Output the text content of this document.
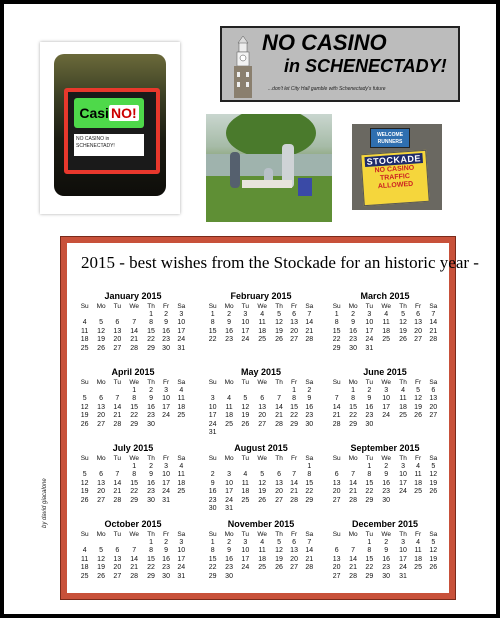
Casi NO!
NO CASINO in SCHENECTADY!
NO CASINO
in SCHENECTADY!
...don't let City Hall gamble with Schenectady's future
WELCOME RUNNERS
STOCKADE
NO CASINO TRAFFIC ALLOWED
2015 - best wishes from the Stockade for an historic year -
January 2015
Su	Mo	Tu	We	Th	Fr	Sa
				1	2	3
4	5	6	7	8	9	10
11	12	13	14	15	16	17
18	19	20	21	22	23	24
25	26	27	28	29	30	31
February 2015
Su	Mo	Tu	We	Th	Fr	Sa
1	2	3	4	5	6	7
8	9	10	11	12	13	14
15	16	17	18	19	20	21
22	23	24	25	26	27	28
March 2015
Su	Mo	Tu	We	Th	Fr	Sa
1	2	3	4	5	6	7
8	9	10	11	12	13	14
15	16	17	18	19	20	21
22	23	24	25	26	27	28
29	30	31				
April 2015
Su	Mo	Tu	We	Th	Fr	Sa
			1	2	3	4
5	6	7	8	9	10	11
12	13	14	15	16	17	18
19	20	21	22	23	24	25
26	27	28	29	30		
May 2015
Su	Mo	Tu	We	Th	Fr	Sa
					1	2
3	4	5	6	7	8	9
10	11	12	13	14	15	16
17	18	19	20	21	22	23
24	25	26	27	28	29	30
31						
June 2015
Su	Mo	Tu	We	Th	Fr	Sa
	1	2	3	4	5	6
7	8	9	10	11	12	13
14	15	16	17	18	19	20
21	22	23	24	25	26	27
28	29	30				
July 2015
Su	Mo	Tu	We	Th	Fr	Sa
			1	2	3	4
5	6	7	8	9	10	11
12	13	14	15	16	17	18
19	20	21	22	23	24	25
26	27	28	29	30	31	
August 2015
Su	Mo	Tu	We	Th	Fr	Sa
						1
2	3	4	5	6	7	8
9	10	11	12	13	14	15
16	17	18	19	20	21	22
23	24	25	26	27	28	29
30	31					
September 2015
Su	Mo	Tu	We	Th	Fr	Sa
		1	2	3	4	5
6	7	8	9	10	11	12
13	14	15	16	17	18	19
20	21	22	23	24	25	26
27	28	29	30			
October 2015
Su	Mo	Tu	We	Th	Fr	Sa
				1	2	3
4	5	6	7	8	9	10
11	12	13	14	15	16	17
18	19	20	21	22	23	24
25	26	27	28	29	30	31
November 2015
Su	Mo	Tu	We	Th	Fr	Sa
1	2	3	4	5	6	7
8	9	10	11	12	13	14
15	16	17	18	19	20	21
22	23	24	25	26	27	28
29	30					
December 2015
Su	Mo	Tu	We	Th	Fr	Sa
		1	2	3	4	5
6	7	8	9	10	11	12
13	14	15	16	17	18	19
20	21	22	23	24	25	26
27	28	29	30	31		
by david giacalone
